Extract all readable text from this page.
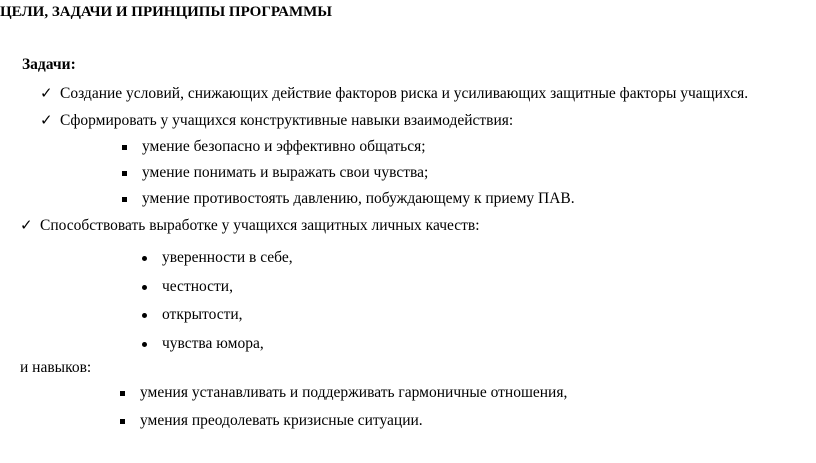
ЦЕЛИ, ЗАДАЧИ И ПРИНЦИПЫ ПРОГРАММЫ
Задачи:
✓ Создание условий, снижающих действие факторов риска и усиливающих защитные факторы учащихся.
✓ Сформировать у учащихся конструктивные навыки взаимодействия:
умение безопасно и эффективно общаться;
умение понимать и выражать свои чувства;
умение противостоять давлению, побуждающему к приему ПАВ.
✓ Способствовать выработке у учащихся защитных личных качеств:
уверенности в себе,
честности,
открытости,
чувства юмора,
и навыков:
умения устанавливать и поддерживать гармоничные отношения,
умения преодолевать кризисные ситуации.
